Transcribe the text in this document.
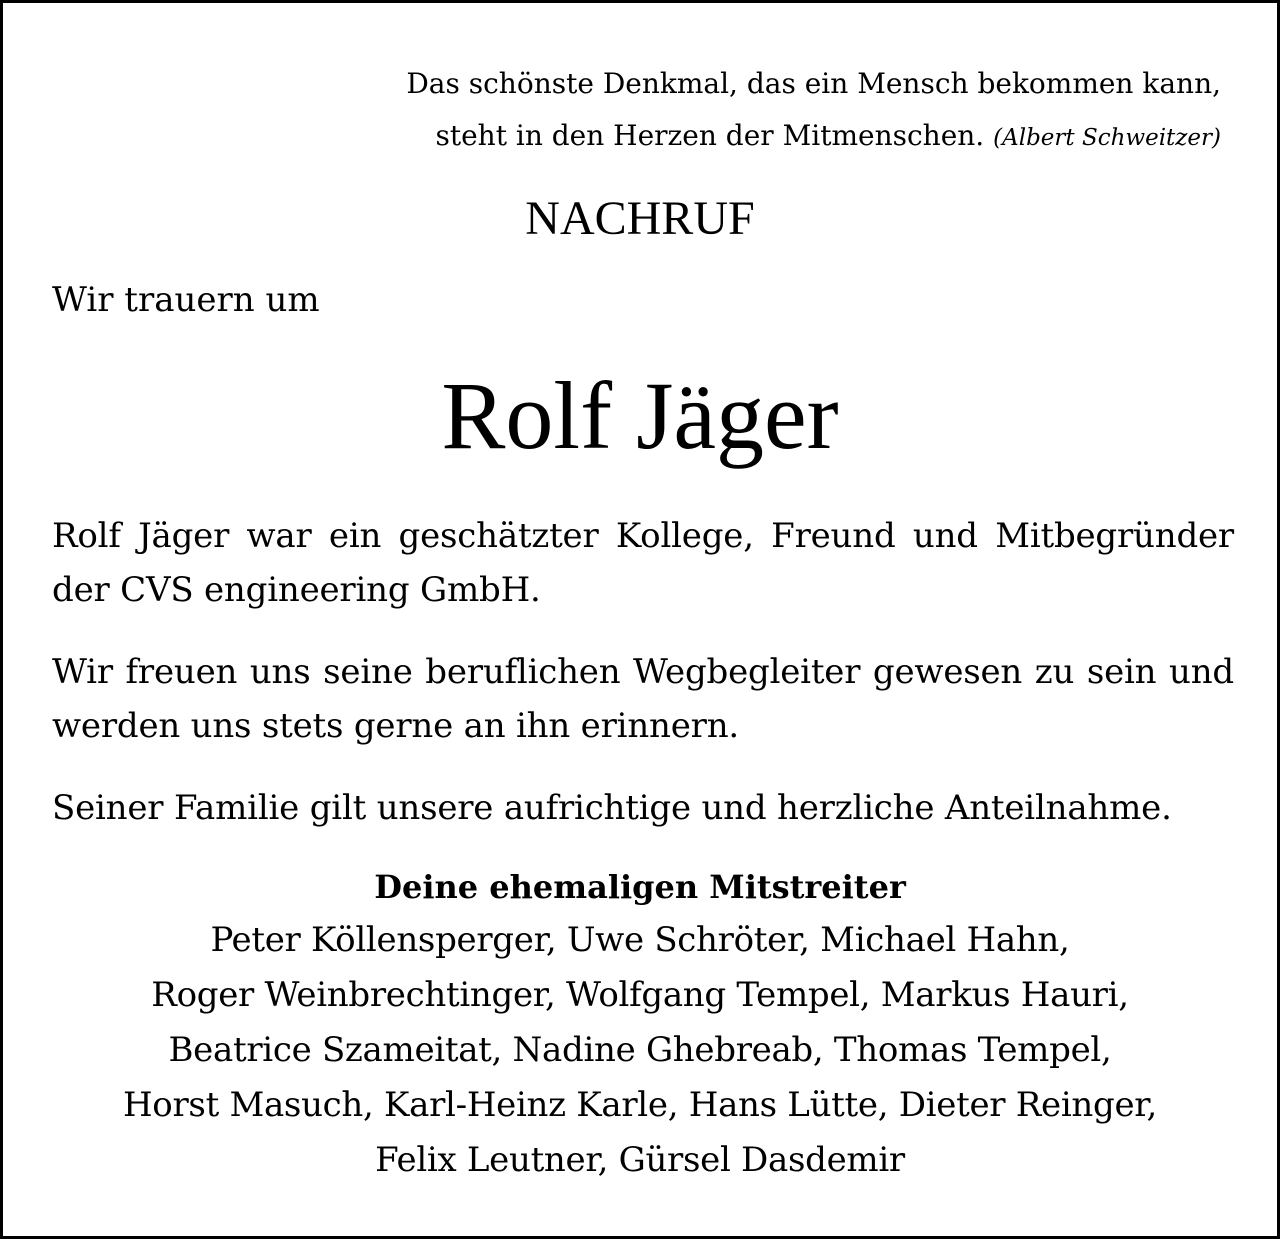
Das schönste Denkmal, das ein Mensch bekommen kann,
steht in den Herzen der Mitmenschen. (Albert Schweitzer)
NACHRUF
Wir trauern um
Rolf Jäger
Rolf Jäger war ein geschätzter Kollege, Freund und Mitbegründer der CVS engineering GmbH.
Wir freuen uns seine beruflichen Wegbegleiter gewesen zu sein und werden uns stets gerne an ihn erinnern.
Seiner Familie gilt unsere aufrichtige und herzliche Anteilnahme.
Deine ehemaligen Mitstreiter
Peter Köllensperger, Uwe Schröter, Michael Hahn,
Roger Weinbrechtinger, Wolfgang Tempel, Markus Hauri,
Beatrice Szameitat, Nadine Ghebreab, Thomas Tempel,
Horst Masuch, Karl-Heinz Karle, Hans Lütte, Dieter Reinger,
Felix Leutner, Gürsel Dasdemir
